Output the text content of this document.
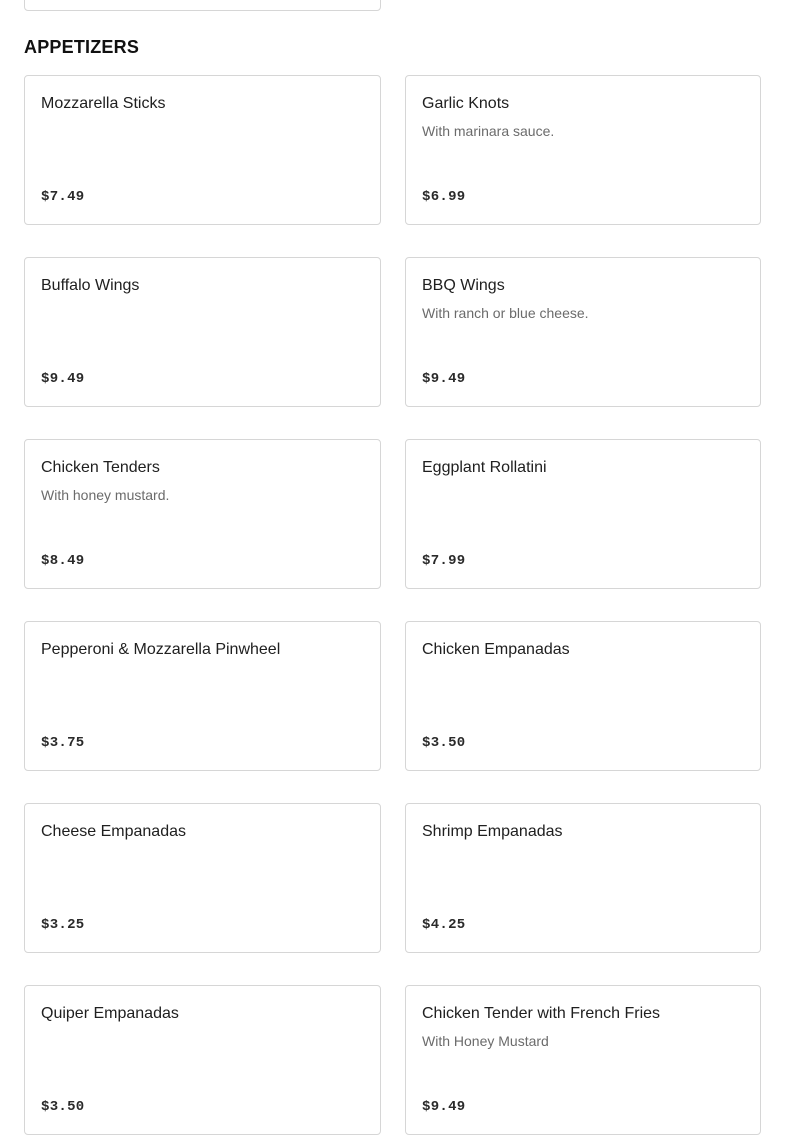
APPETIZERS
Mozzarella Sticks
$7.49
Garlic Knots
With marinara sauce.
$6.99
Buffalo Wings
$9.49
BBQ Wings
With ranch or blue cheese.
$9.49
Chicken Tenders
With honey mustard.
$8.49
Eggplant Rollatini
$7.99
Pepperoni & Mozzarella Pinwheel
$3.75
Chicken Empanadas
$3.50
Cheese Empanadas
$3.25
Shrimp Empanadas
$4.25
Quiper Empanadas
$3.50
Chicken Tender with French Fries
With Honey Mustard
$9.49
